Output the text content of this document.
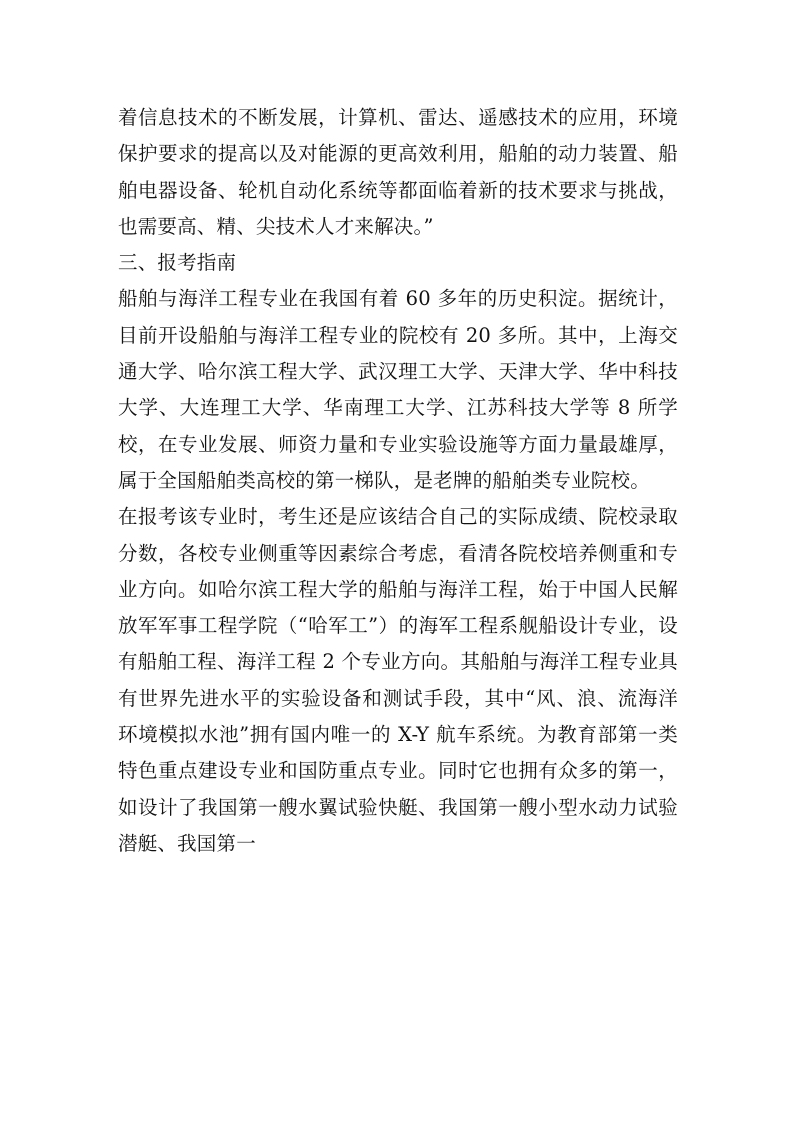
着信息技术的不断发展，计算机、雷达、遥感技术的应用，环境保护要求的提高以及对能源的更高效利用，船舶的动力装置、船舶电器设备、轮机自动化系统等都面临着新的技术要求与挑战，也需要高、精、尖技术人才来解决。”

三、报考指南

船舶与海洋工程专业在我国有着 60 多年的历史积淀。据统计，目前开设船舶与海洋工程专业的院校有 20 多所。其中，上海交通大学、哈尔滨工程大学、武汉理工大学、天津大学、华中科技大学、大连理工大学、华南理工大学、江苏科技大学等 8 所学校，在专业发展、师资力量和专业实验设施等方面力量最雄厚，属于全国船舶类高校的第一梯队，是老牌的船舶类专业院校。

在报考该专业时，考生还是应该结合自己的实际成绩、院校录取分数，各校专业侧重等因素综合考虑，看清各院校培养侧重和专业方向。如哈尔滨工程大学的船舶与海洋工程，始于中国人民解放军军事工程学院（“哈军工”）的海军工程系舰船设计专业，设有船舶工程、海洋工程 2 个专业方向。其船舶与海洋工程专业具有世界先进水平的实验设备和测试手段，其中“风、浪、流海洋环境模拟水池”拥有国内唯一的 X-Y 航车系统。为教育部第一类特色重点建设专业和国防重点专业。同时它也拥有众多的第一，如设计了我国第一艘水翼试验快艇、我国第一艘小型水动力试验潜艇、我国第一
